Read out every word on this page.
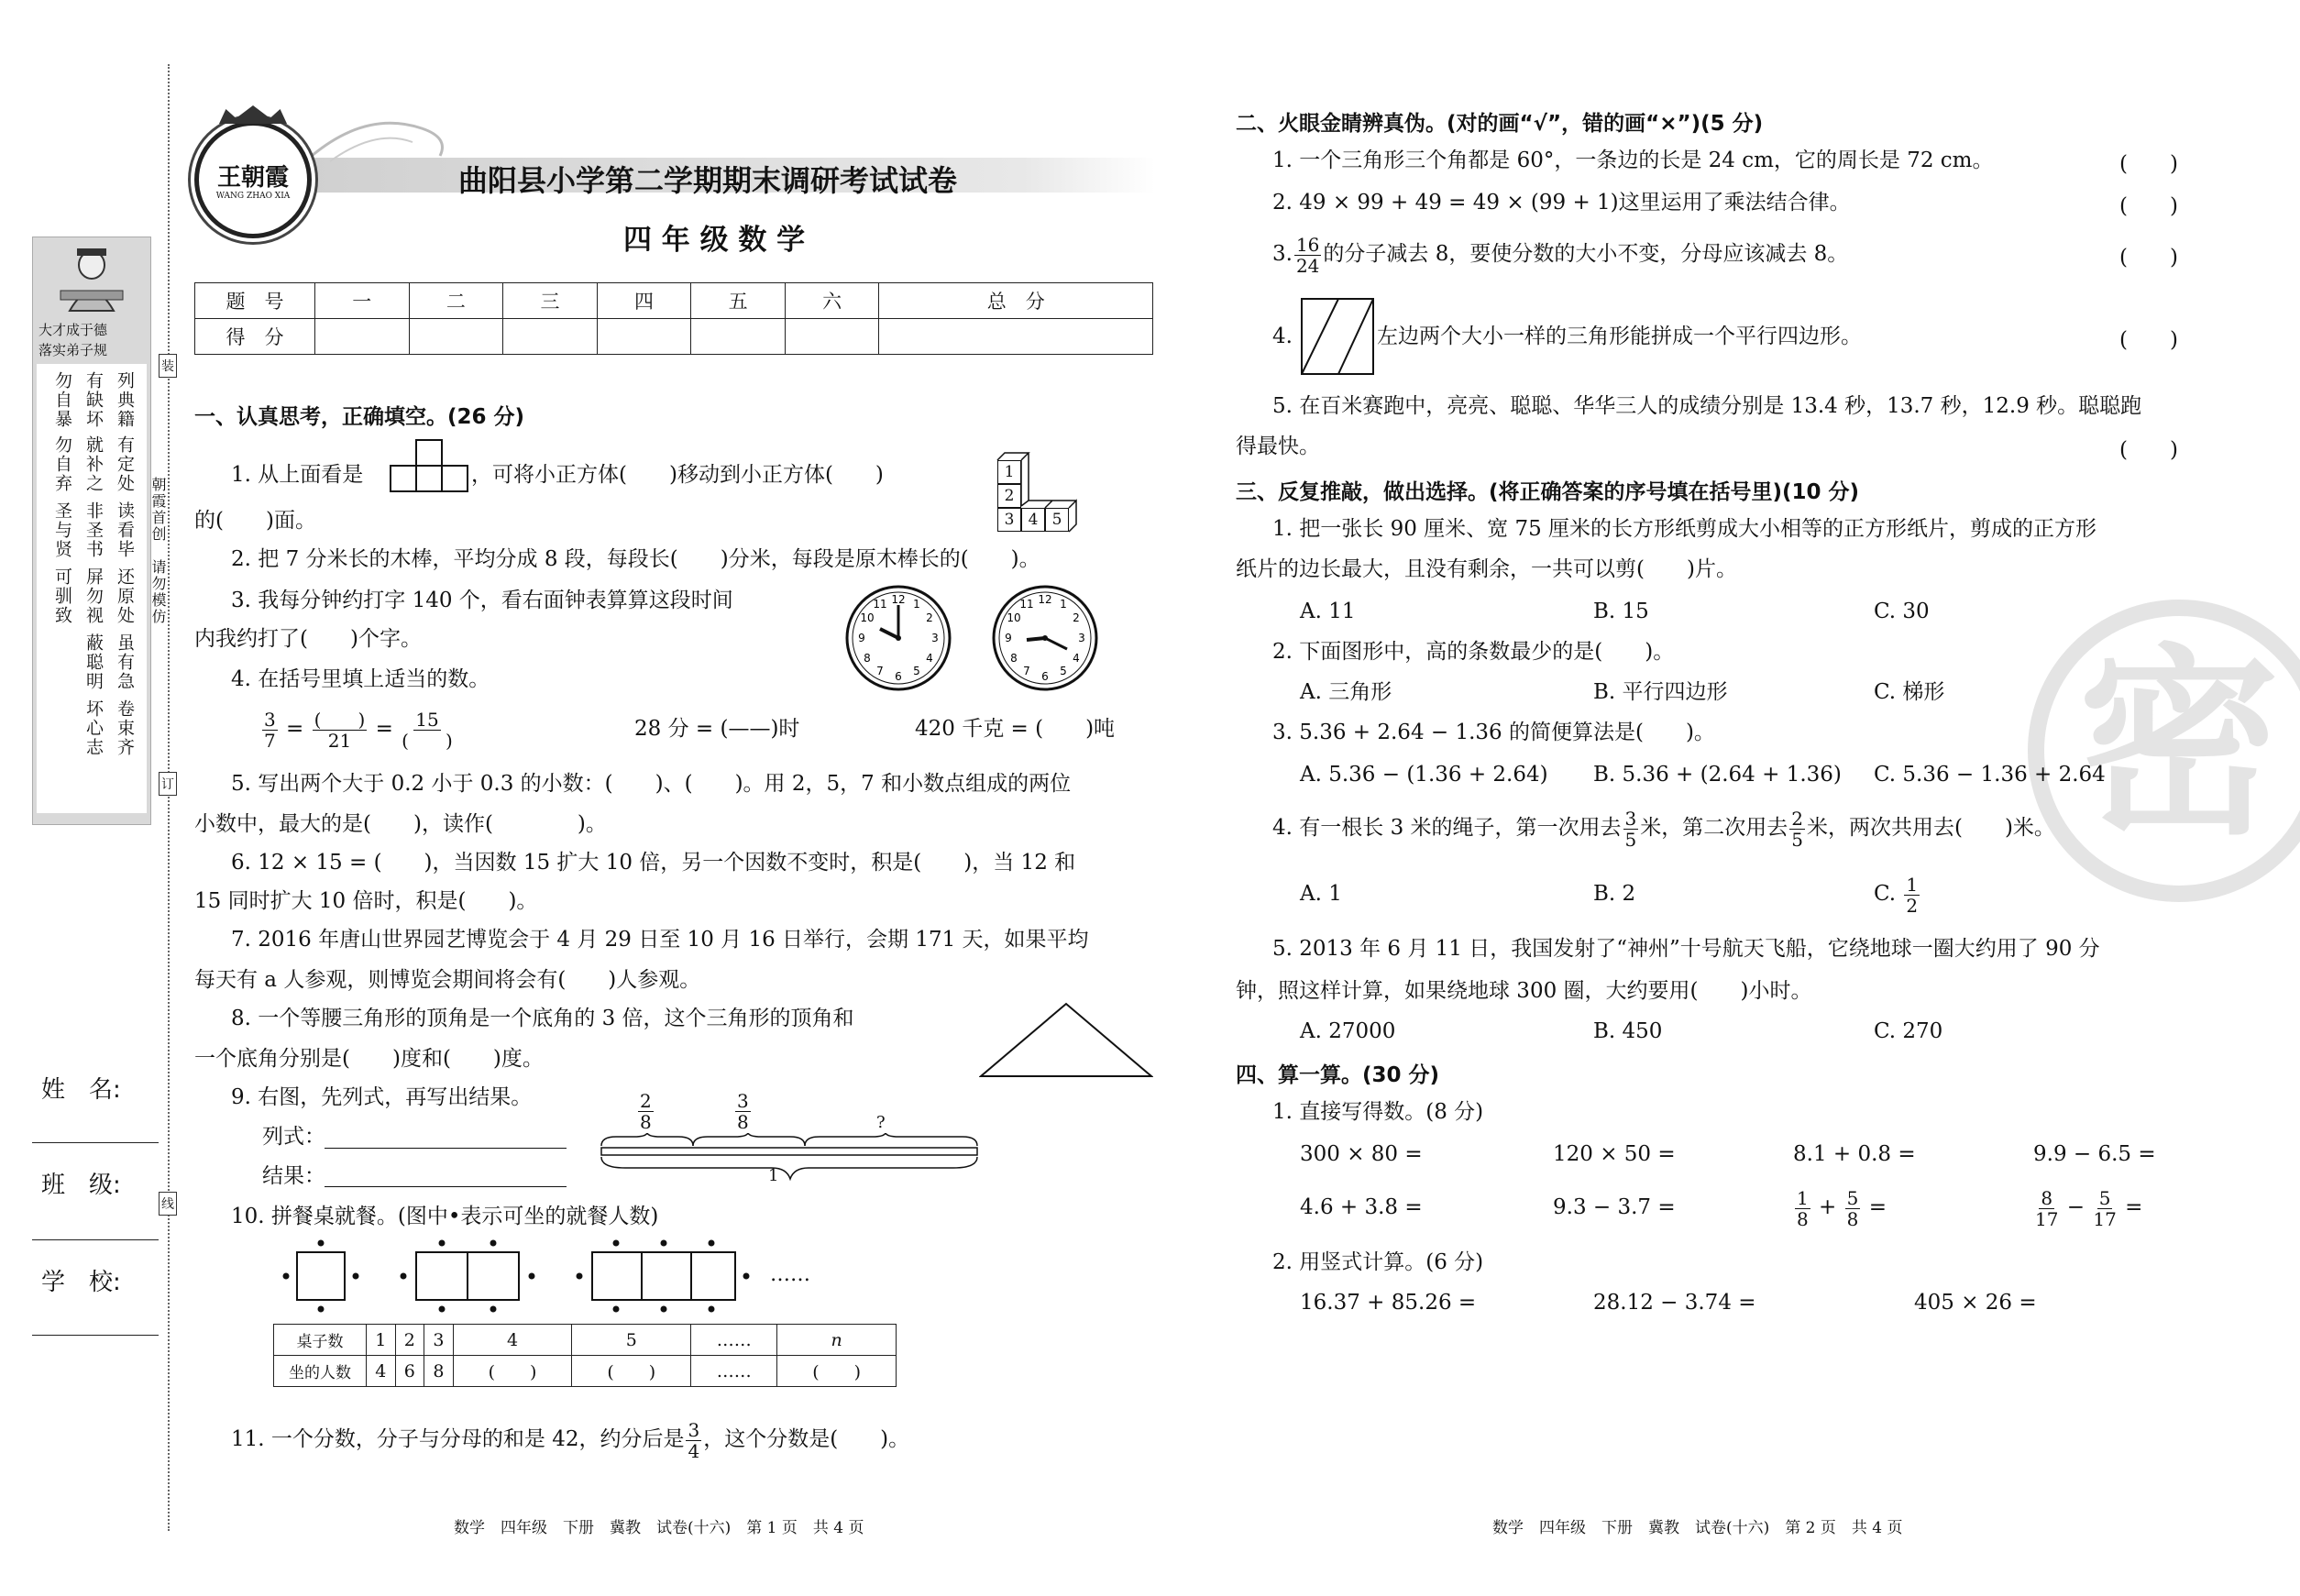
大才成于德
落实弟子规
列典籍
有定处
读看毕
还原处
虽有急
卷束齐
有缺坏
就补之
非圣书
屏勿视
蔽聪明
坏心志
勿自暴
勿自弃
圣与贤
可驯致	朝霞首创　请勿模仿
装
订
线
姓　名:
班　级:
学　校:
王朝霞
WANG ZHAO XIA	曲阳县小学第二学期期末调研考试试卷
四 年 级 数 学
题　号	一	二	三	四	五	六	总　分
得　分							
一、认真思考，正确填空。(26 分)
1. 从上面看是	，可将小正方体(　　)移动到小正方体(　　)
的(　　)面。
1
2
3 4 5
2. 把 7 分米长的木棒，平均分成 8 段，每段长(　　)分米，每段是原木棒长的(　　)。
3. 我每分钟约打字 140 个，看右面钟表算算这段时间
内我约打了(　　)个字。
12 1
2
3
4
5
6
7
8
9
10
11	12 1
2
3
4
5
6
7
8
9
10
11
4. 在括号里填上适当的数。
$\frac{3}{7} = \frac{( )}{21} = \frac{15}{( )}$	28 分 = (——)时	420 千克 = (　　)吨
5. 写出两个大于 0.2 小于 0.3 的小数：(　　)、(　　)。用 2，5，7 和小数点组成的两位
小数中，最大的是(　　)，读作(　　　　)。
6. 12 × 15 = (　　)，当因数 15 扩大 10 倍，另一个因数不变时，积是(　　)，当 12 和
15 同时扩大 10 倍时，积是(　　)。
7. 2016 年唐山世界园艺博览会于 4 月 29 日至 10 月 16 日举行，会期 171 天，如果平均
每天有 a 人参观，则博览会期间将会有(　　)人参观。
8. 一个等腰三角形的顶角是一个底角的 3 倍，这个三角形的顶角和
一个底角分别是(　　)度和(　　)度。
9. 右图，先列式，再写出结果。
列式：
结果：
$\frac{2}{8}$	$\frac{3}{8}$	?
1
10. 拼餐桌就餐。(图中•表示可坐的就餐人数)
……
桌子数	1	2	3	4	5	……	n
坐的人数	4	6	8	(　　)	(　　)	……	(　　)
11. 一个分数，分子与分母的和是 42，约分后是 $\frac{3}{4}$ ，这个分数是(　　)。
数学　四年级　下册　冀教　试卷(十六)　第 1 页　共 4 页
密
二、火眼金睛辨真伪。(对的画“√”，错的画“×”)(5 分)
1. 一个三角形三个角都是 60°，一条边的长是 24 cm，它的周长是 72 cm。	(　　)
2. 49 × 99 + 49 = 49 × (99 + 1)这里运用了乘法结合律。	(　　)
3. $\frac{16}{24}$ 的分子减去 8，要使分数的大小不变，分母应该减去 8。	(　　)
4.	左边两个大小一样的三角形能拼成一个平行四边形。	(　　)
5. 在百米赛跑中，亮亮、聪聪、华华三人的成绩分别是 13.4 秒，13.7 秒，12.9 秒。聪聪跑
得最快。	(　　)
三、反复推敲，做出选择。(将正确答案的序号填在括号里)(10 分)
1. 把一张长 90 厘米、宽 75 厘米的长方形纸剪成大小相等的正方形纸片，剪成的正方形
纸片的边长最大，且没有剩余，一共可以剪(　　)片。
A. 11	B. 15	C. 30
2. 下面图形中，高的条数最少的是(　　)。
A. 三角形	B. 平行四边形	C. 梯形
3. 5.36 + 2.64 − 1.36 的简便算法是(　　)。
A. 5.36 − (1.36 + 2.64) B. 5.36 + (2.64 + 1.36) C. 5.36 − 1.36 + 2.64
4. 有一根长 3 米的绳子，第一次用去 $\frac{3}{5}$ 米，第二次用去 $\frac{2}{5}$ 米，两次共用去(　　)米。
A. 1	B. 2	C. $\frac{1}{2}$
5. 2013 年 6 月 11 日，我国发射了“神州”十号航天飞船，它绕地球一圈大约用了 90 分
钟，照这样计算，如果绕地球 300 圈，大约要用(　　)小时。
A. 27000	B. 450	C. 270
四、算一算。(30 分)
1. 直接写得数。(8 分)
300 × 80 =	120 × 50 =	8.1 + 0.8 =	9.9 − 6.5 =
4.6 + 3.8 =	9.3 − 3.7 =	$\frac{1}{8} + \frac{5}{8}$ =	$\frac{8}{17} - \frac{5}{17}$ =
2. 用竖式计算。(6 分)
16.37 + 85.26 =	28.12 − 3.74 =	405 × 26 =
数学　四年级　下册　冀教　试卷(十六)　第 2 页　共 4 页
